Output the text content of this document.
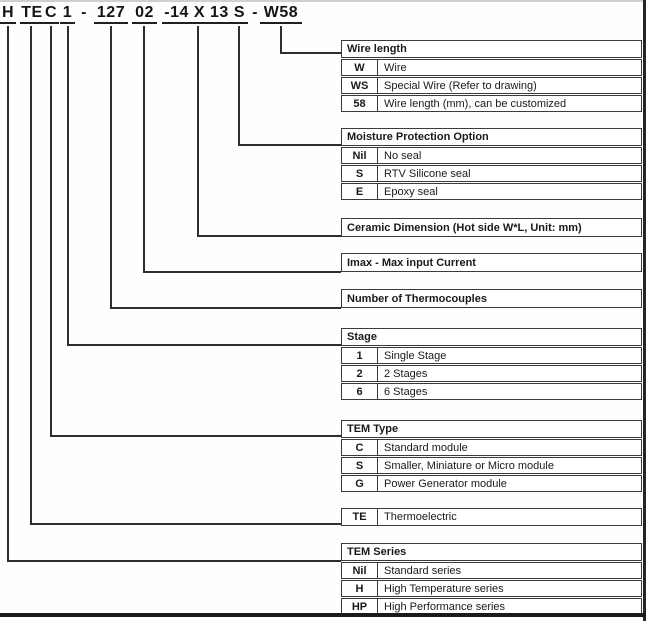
H TE C 1 - 127 02 -14 X 13 S - W58
Wire length
W	Wire
WS	Special Wire (Refer to drawing)
58	Wire length (mm), can be customized
Moisture Protection Option
Nil	No seal
S	RTV Silicone seal
E	Epoxy seal
Ceramic Dimension (Hot side W*L, Unit: mm)
Imax - Max input Current
Number of Thermocouples
Stage
1	Single Stage
2	2 Stages
6	6 Stages
TEM Type
C	Standard module
S	Smaller, Miniature or Micro module
G	Power Generator module
TE	Thermoelectric
TEM Series
Nil	Standard series
H	High Temperature series
HP	High Performance series
